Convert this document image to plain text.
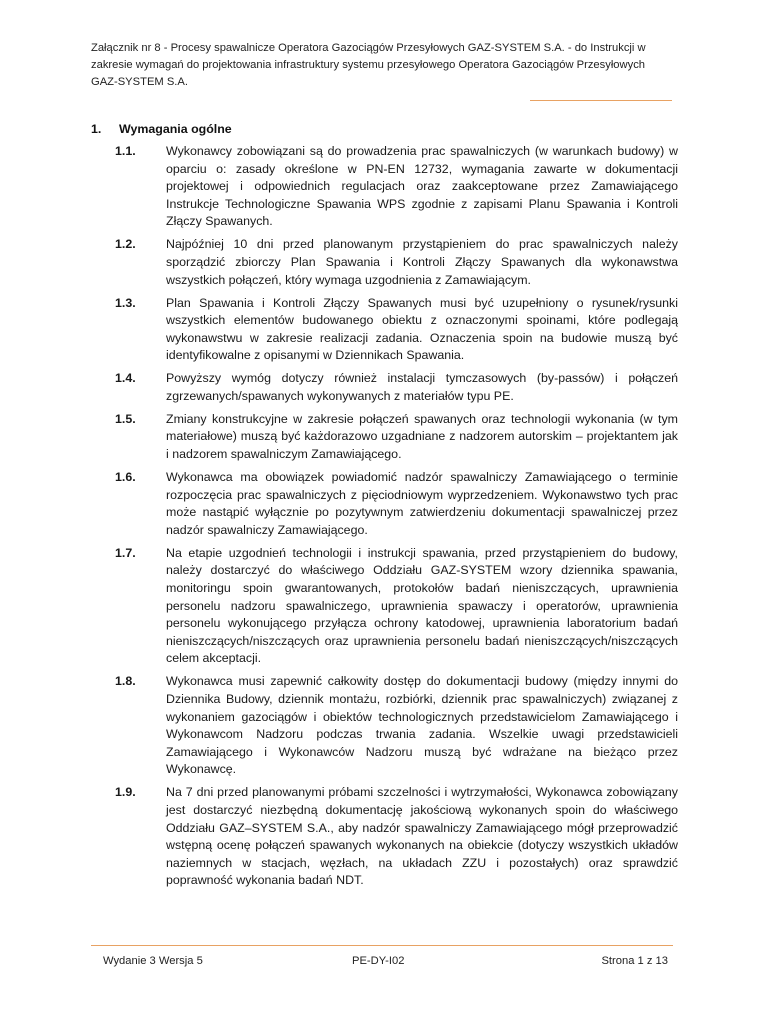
Załącznik nr 8 - Procesy spawalnicze Operatora Gazociągów Przesyłowych GAZ-SYSTEM S.A. - do Instrukcji w zakresie wymagań do projektowania infrastruktury systemu przesyłowego Operatora Gazociągów Przesyłowych GAZ-SYSTEM S.A.
1. Wymagania ogólne
1.1.	Wykonawcy zobowiązani są do prowadzenia prac spawalniczych (w warunkach budowy) w oparciu o: zasady określone w PN-EN 12732, wymagania zawarte w dokumentacji projektowej i odpowiednich regulacjach oraz zaakceptowane przez Zamawiającego Instrukcje Technologiczne Spawania WPS zgodnie z zapisami Planu Spawania i Kontroli Złączy Spawanych.
1.2.	Najpóźniej 10 dni przed planowanym przystąpieniem do prac spawalniczych należy sporządzić zbiorczy Plan Spawania i Kontroli Złączy Spawanych dla wykonawstwa wszystkich połączeń, który wymaga uzgodnienia z Zamawiającym.
1.3.	Plan Spawania i Kontroli Złączy Spawanych musi być uzupełniony o rysunek/rysunki wszystkich elementów budowanego obiektu z oznaczonymi spoinami, które podlegają wykonawstwu w zakresie realizacji zadania. Oznaczenia spoin na budowie muszą być identyfikowalne z opisanymi w Dziennikach Spawania.
1.4.	Powyższy wymóg dotyczy również instalacji tymczasowych (by-passów) i połączeń zgrzewanych/spawanych wykonywanych z materiałów typu PE.
1.5.	Zmiany konstrukcyjne w zakresie połączeń spawanych oraz technologii wykonania (w tym materiałowe) muszą być każdorazowo uzgadniane z nadzorem autorskim – projektantem jak i nadzorem spawalniczym Zamawiającego.
1.6.	Wykonawca ma obowiązek powiadomić nadzór spawalniczy Zamawiającego o terminie rozpoczęcia prac spawalniczych z pięciodniowym wyprzedzeniem. Wykonawstwo tych prac może nastąpić wyłącznie po pozytywnym zatwierdzeniu dokumentacji spawalniczej przez nadzór spawalniczy Zamawiającego.
1.7.	Na etapie uzgodnień technologii i instrukcji spawania, przed przystąpieniem do budowy, należy dostarczyć do właściwego Oddziału GAZ-SYSTEM wzory dziennika spawania, monitoringu spoin gwarantowanych, protokołów badań nieniszczących, uprawnienia personelu nadzoru spawalniczego, uprawnienia spawaczy i operatorów, uprawnienia personelu wykonującego przyłącza ochrony katodowej, uprawnienia laboratorium badań nieniszczących/niszczących oraz uprawnienia personelu badań nieniszczących/niszczących celem akceptacji.
1.8.	Wykonawca musi zapewnić całkowity dostęp do dokumentacji budowy (między innymi do Dziennika Budowy, dziennik montażu, rozbiórki, dziennik prac spawalniczych) związanej z wykonaniem gazociągów i obiektów technologicznych przedstawicielom Zamawiającego i Wykonawcom Nadzoru podczas trwania zadania. Wszelkie uwagi przedstawicieli Zamawiającego i Wykonawców Nadzoru muszą być wdrażane na bieżąco przez Wykonawcę.
1.9.	Na 7 dni przed planowanymi próbami szczelności i wytrzymałości, Wykonawca zobowiązany jest dostarczyć niezbędną dokumentację jakościową wykonanych spoin do właściwego Oddziału GAZ–SYSTEM S.A., aby nadzór spawalniczy Zamawiającego mógł przeprowadzić wstępną ocenę połączeń spawanych wykonanych na obiekcie (dotyczy wszystkich układów naziemnych w stacjach, węzłach, na układach ZZU i pozostałych) oraz sprawdzić poprawność wykonania badań NDT.
Wydanie 3 Wersja 5	PE-DY-I02	Strona 1 z 13
